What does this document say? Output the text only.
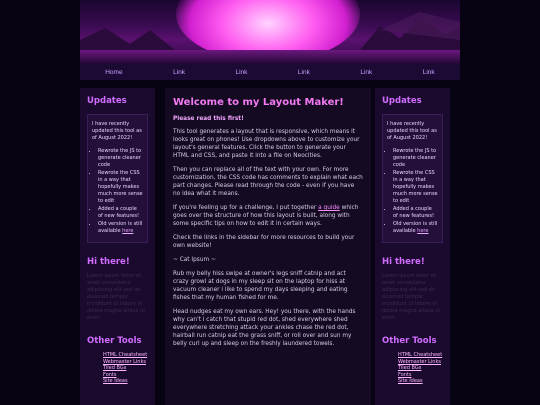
Home	Link	Link	Link	Link	Link
Updates
I have recently updated this tool as of August 2022!
• Rewrote the JS to generate cleaner code
• Rewrote the CSS in a way that hopefully makes much more sense to edit
• Added a couple of new features!
• Old version is still available here
Hi there!
Lorem ipsum dolor sit amet consectetur adipiscing elit sed do eiusmod tempor incididunt ut labore et dolore magna aliqua ut enim.
Other Tools
HTML Cheatsheet
Webmaster Links
Tiled BGs
Fonts
Site Ideas
Welcome to my Layout Maker!
Please read this first!

This tool generates a layout that is responsive, which means it looks great on phones! Use dropdowns above to customize your layout's general features. Click the button to generate your HTML and CSS, and paste it into a file on Neocities.

Then you can replace all of the text with your own. For more customization, the CSS code has comments to explain what each part changes. Please read through the code - even if you have no idea what it means.

If you're feeling up for a challenge, I put together a guide which goes over the structure of how this layout is built, along with some specific tips on how to edit it in certain ways.

Check the links in the sidebar for more resources to build your own website!

~ Cat Ipsum ~

Rub my belly hiss swipe at owner's legs sniff catnip and act crazy growl at dogs in my sleep sit on the laptop for hiss at vacuum cleaner i like to spend my days sleeping and eating fishes that my human fished for me.

Head nudges eat my own ears. Hey! you there, with the hands why can't i catch that stupid red dot, shed everywhere shed everywhere stretching attack your ankles chase the red dot, hairball run catnip eat the grass sniff, or roll over and sun my belly curl up and sleep on the freshly laundered towels.

Updates
I have recently updated this tool as of August 2022!
• Rewrote the JS to generate cleaner code
• Rewrote the CSS in a way that hopefully makes much more sense to edit
• Added a couple of new features!
• Old version is still available here
Hi there!
Lorem ipsum dolor sit amet consectetur adipiscing elit sed do eiusmod tempor incididunt ut labore et dolore magna aliqua ut enim.
Other Tools
HTML Cheatsheet
Webmaster Links
Tiled BGs
Fonts
Site Ideas
